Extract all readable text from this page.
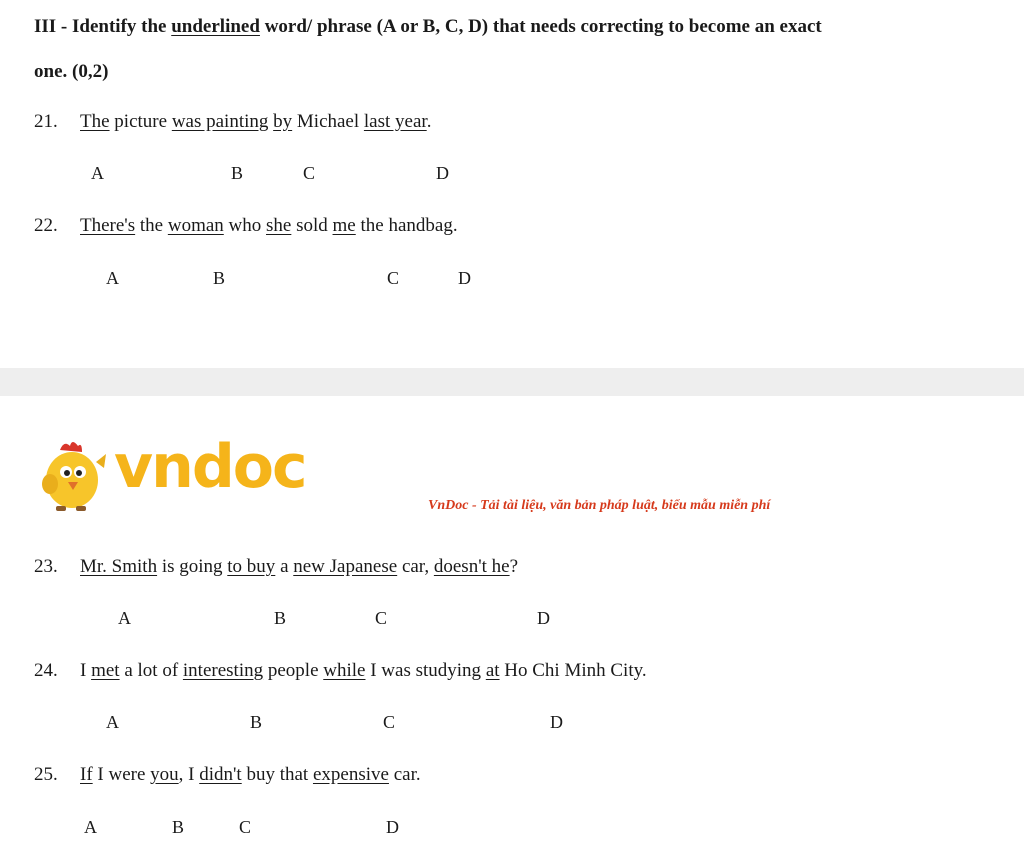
III - Identify the underlined word/ phrase (A or B, C, D) that needs correcting to become an exact
one. (0,2)
21. The picture was painting by Michael last year.
A	B	C	D
22. There's the woman who she sold me the handbag.
A	B	C	D
vndoc
VnDoc - Tải tài liệu, văn bản pháp luật, biểu mẫu miễn phí
23. Mr. Smith is going to buy a new Japanese car, doesn't he?
A	B	C	D
24. I met a lot of interesting people while I was studying at Ho Chi Minh City.
A	B	C	D
25. If I were you, I didn't buy that expensive car.
A	B	C	D
